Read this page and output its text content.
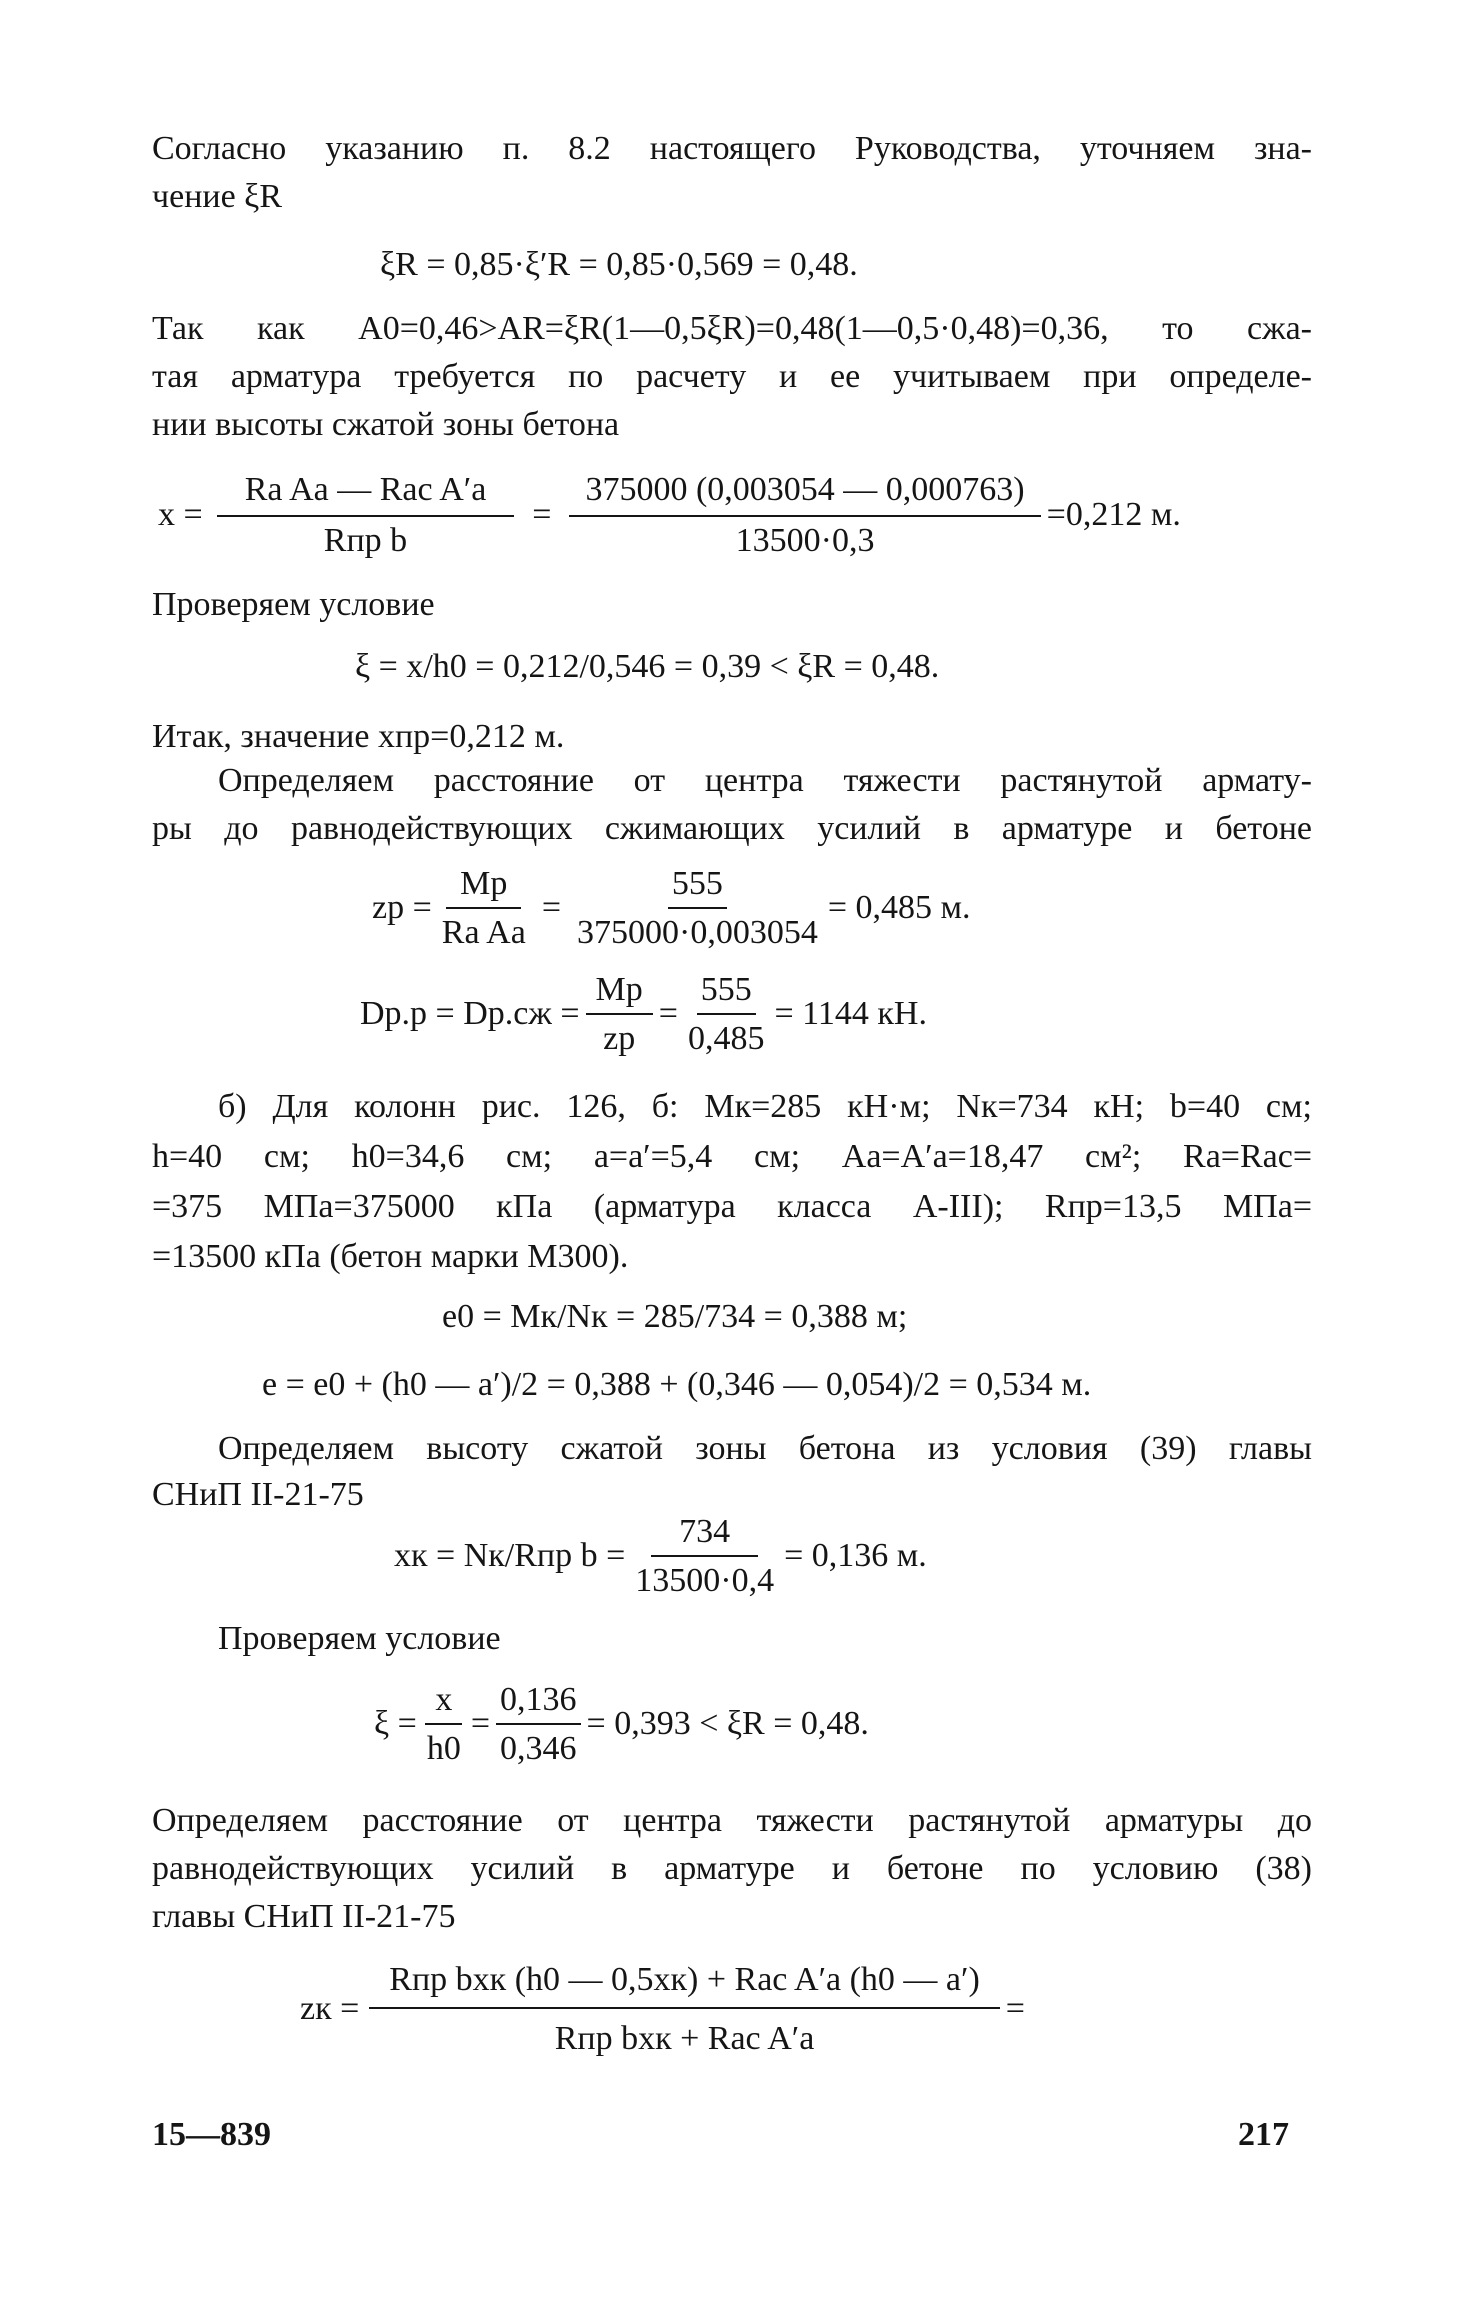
Согласно указанию п. 8.2 настоящего Руководства, уточняем зна-
чение ξR
ξR = 0,85·ξ′R = 0,85·0,569 = 0,48.
Так как A0=0,46>AR=ξR(1—0,5ξR)=0,48(1—0,5·0,48)=0,36, то сжа-
тая арматура требуется по расчету и ее учитываем при определе-
нии высоты сжатой зоны бетона
$x = \frac{\text{Ra Aa — Rac A′a}}{\text{Rпр b}} = \frac{375000 (0,003054 — 0,000763)}{13500\cdot 0,3} =0,212$ м.
Проверяем условие
ξ = x/h0 = 0,212/0,546 = 0,39 < ξR = 0,48.
Итак, значение xпр=0,212 м.
Определяем расстояние от центра тяжести растянутой армату-
ры до равнодействующих сжимающих усилий в арматуре и бетоне
zр = $\frac{Mр}{\text{Ra Aa}} = \frac{555}{375000\cdot 0,003054} = 0,485$ м.
$Dр.р = Dр.сж = \frac{Mр}{zр} = \frac{555}{0,485} = 1144$ кН.
б) Для колонн рис. 126, б: Mк=285 кН·м; Nк=734 кН; b=40 см;
h=40 см; h0=34,6 см; a=a′=5,4 см; Aa=A′a=18,47 см²; Ra=Rac=
=375 МПа=375000 кПа (арматура класса A-III); Rпр=13,5 МПа=
=13500 кПа (бетон марки М300).
e0 = Mк/Nк = 285/734 = 0,388 м;
e = e0 + (h0 — a′)/2 = 0,388 + (0,346 — 0,054)/2 = 0,534 м.
Определяем высоту сжатой зоны бетона из условия (39) главы
СНиП II-21-75
xк = Nк/Rпр $b = \frac{734}{13500\cdot 0,4} = 0,136$ м.
Проверяем условие
$\xi = \frac{x}{h0} = \frac{0,136}{0,346} = 0,393 < \xi R = 0,48$.
Определяем расстояние от центра тяжести растянутой арматуры до
равнодействующих усилий в арматуре и бетоне по условию (38)
главы СНиП II-21-75
zк = $\frac{\text{Rпр bxк (h0 — 0,5xк) + Rac A′a (h0 — a′)}}{\text{Rпр bxк + Rac A′a}}$ =
15—839	217
